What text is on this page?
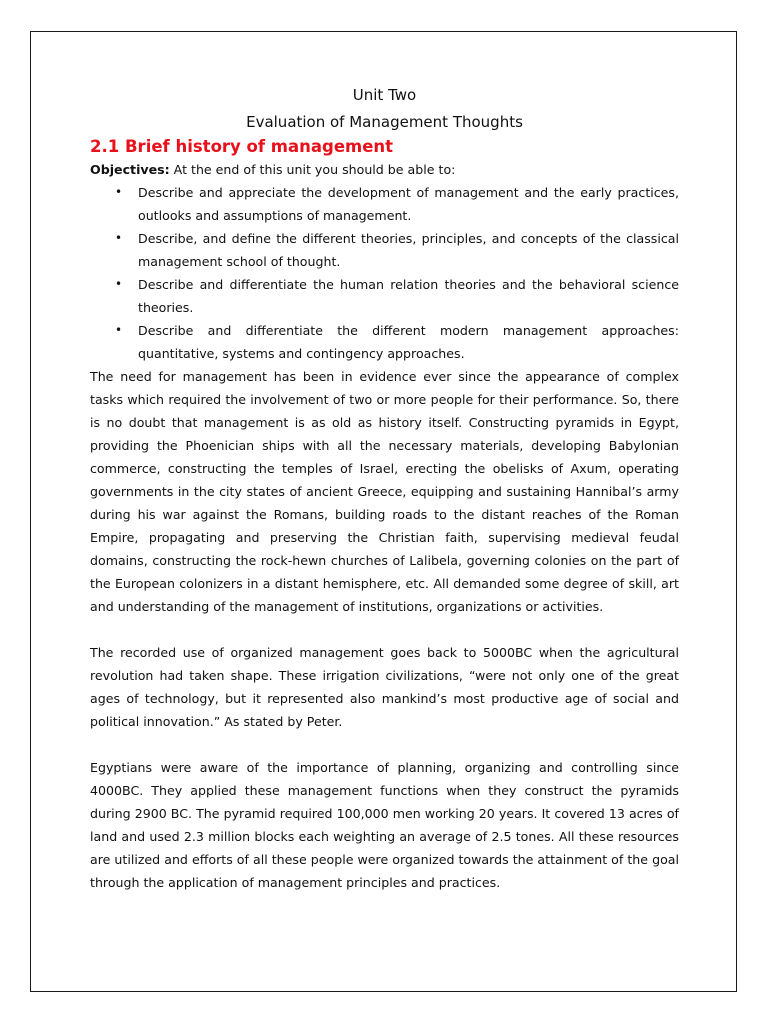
Unit Two
Evaluation of Management Thoughts
2.1 Brief history of management

Objectives: At the end of this unit you should be able to:

• Describe and appreciate the development of management and the early practices, outlooks and assumptions of management.
• Describe, and define the different theories, principles, and concepts of the classical management school of thought.
• Describe and differentiate the human relation theories and the behavioral science theories.
• Describe and differentiate the different modern management approaches: quantitative, systems and contingency approaches.

The need for management has been in evidence ever since the appearance of complex tasks which required the involvement of two or more people for their performance. So, there is no doubt that management is as old as history itself. Constructing pyramids in Egypt, providing the Phoenician ships with all the necessary materials, developing Babylonian commerce, constructing the temples of Israel, erecting the obelisks of Axum, operating governments in the city states of ancient Greece, equipping and sustaining Hannibal’s army during his war against the Romans, building roads to the distant reaches of the Roman Empire, propagating and preserving the Christian faith, supervising medieval feudal domains, constructing the rock-hewn churches of Lalibela, governing colonies on the part of the European colonizers in a distant hemisphere, etc. All demanded some degree of skill, art and understanding of the management of institutions, organizations or activities.

The recorded use of organized management goes back to 5000BC when the agricultural revolution had taken shape. These irrigation civilizations, “were not only one of the great ages of technology, but it represented also mankind’s most productive age of social and political innovation.” As stated by Peter.

Egyptians were aware of the importance of planning, organizing and controlling since 4000BC. They applied these management functions when they construct the pyramids during 2900 BC. The pyramid required 100,000 men working 20 years. It covered 13 acres of land and used 2.3 million blocks each weighting an average of 2.5 tones. All these resources are utilized and efforts of all these people were organized towards the attainment of the goal through the application of management principles and practices.
